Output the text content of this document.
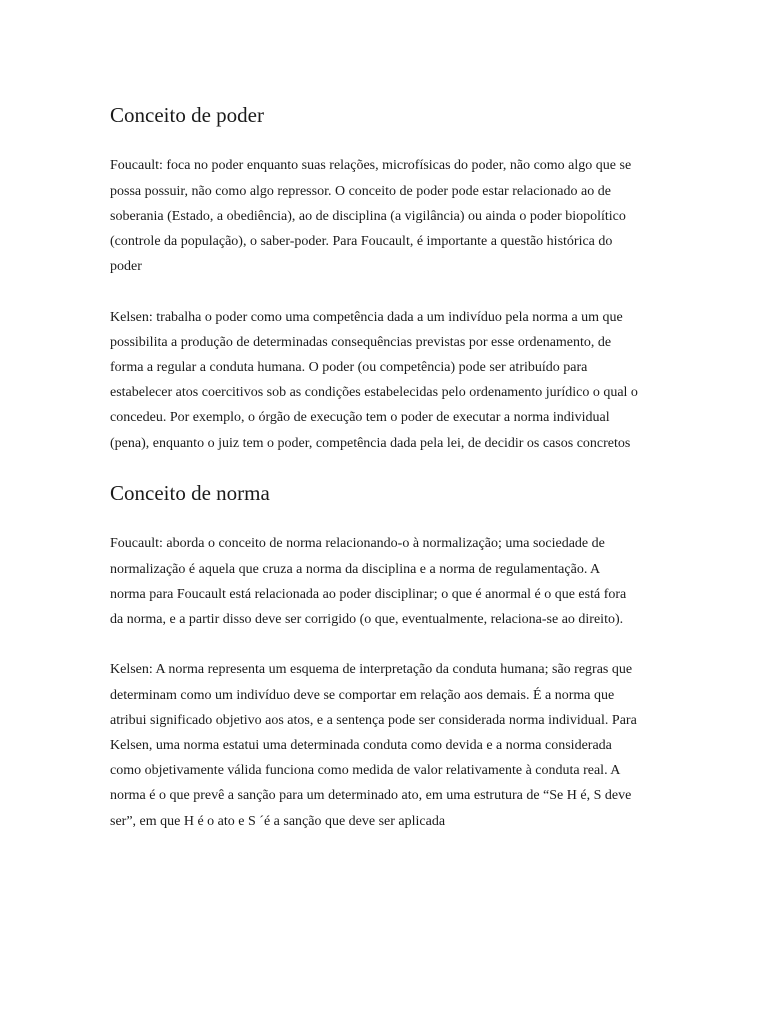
Conceito de poder

Foucault: foca no poder enquanto suas relações, microfísicas do poder, não como algo que se
possa possuir, não como algo repressor. O conceito de poder pode estar relacionado ao de
soberania (Estado, a obediência), ao de disciplina (a vigilância) ou ainda o poder biopolítico
(controle da população), o saber-poder. Para Foucault, é importante a questão histórica do
poder

Kelsen: trabalha o poder como uma competência dada a um indivíduo pela norma a um que
possibilita a produção de determinadas consequências previstas por esse ordenamento, de
forma a regular a conduta humana. O poder (ou competência) pode ser atribuído para
estabelecer atos coercitivos sob as condições estabelecidas pelo ordenamento jurídico o qual o
concedeu. Por exemplo, o órgão de execução tem o poder de executar a norma individual
(pena), enquanto o juiz tem o poder, competência dada pela lei, de decidir os casos concretos

Conceito de norma

Foucault: aborda o conceito de norma relacionando-o à normalização; uma sociedade de
normalização é aquela que cruza a norma da disciplina e a norma de regulamentação. A
norma para Foucault está relacionada ao poder disciplinar; o que é anormal é o que está fora
da norma, e a partir disso deve ser corrigido (o que, eventualmente, relaciona-se ao direito).

Kelsen: A norma representa um esquema de interpretação da conduta humana; são regras que
determinam como um indivíduo deve se comportar em relação aos demais. É a norma que
atribui significado objetivo aos atos, e a sentença pode ser considerada norma individual. Para
Kelsen, uma norma estatui uma determinada conduta como devida e a norma considerada
como objetivamente válida funciona como medida de valor relativamente à conduta real. A
norma é o que prevê a sanção para um determinado ato, em uma estrutura de “Se H é, S deve
ser”, em que H é o ato e S ´é a sanção que deve ser aplicada
